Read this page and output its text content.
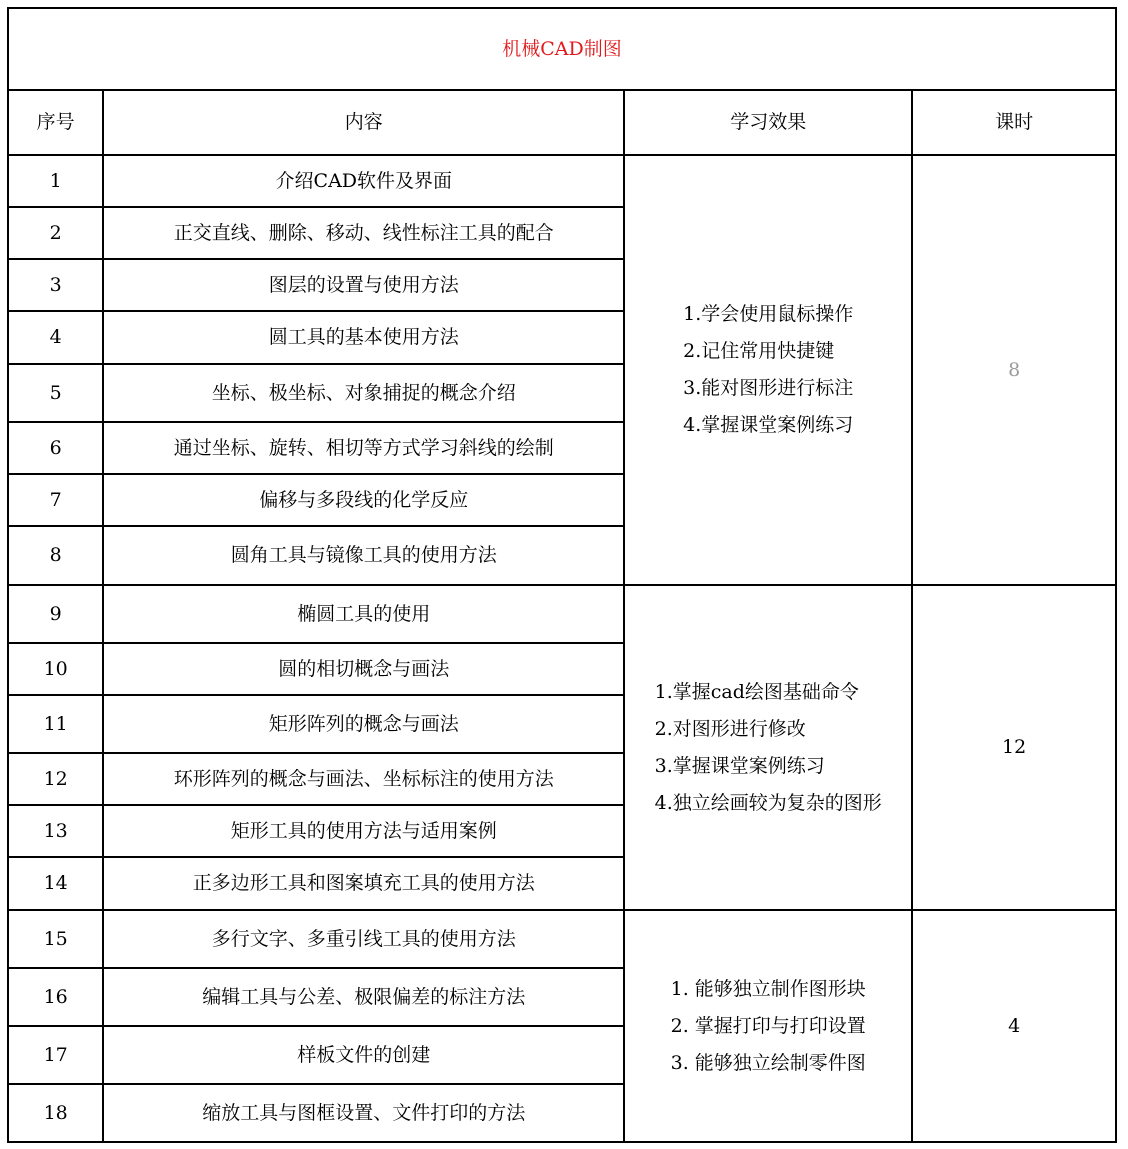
机械CAD制图			
序号	内容	学习效果	课时
1	介绍CAD软件及界面	1.学会使用鼠标操作
2.记住常用快捷键
3.能对图形进行标注
4.掌握课堂案例练习	8
2	正交直线、删除、移动、线性标注工具的配合		
3	图层的设置与使用方法		
4	圆工具的基本使用方法		
5	坐标、极坐标、对象捕捉的概念介绍		
6	通过坐标、旋转、相切等方式学习斜线的绘制		
7	偏移与多段线的化学反应		
8	圆角工具与镜像工具的使用方法		
9	椭圆工具的使用	1.掌握cad绘图基础命令
2.对图形进行修改
3.掌握课堂案例练习
4.独立绘画较为复杂的图形	12
10	圆的相切概念与画法		
11	矩形阵列的概念与画法		
12	环形阵列的概念与画法、坐标标注的使用方法		
13	矩形工具的使用方法与适用案例		
14	正多边形工具和图案填充工具的使用方法		
15	多行文字、多重引线工具的使用方法	1. 能够独立制作图形块
2. 掌握打印与打印设置
3. 能够独立绘制零件图	4
16	编辑工具与公差、极限偏差的标注方法		
17	样板文件的创建		
18	缩放工具与图框设置、文件打印的方法		
